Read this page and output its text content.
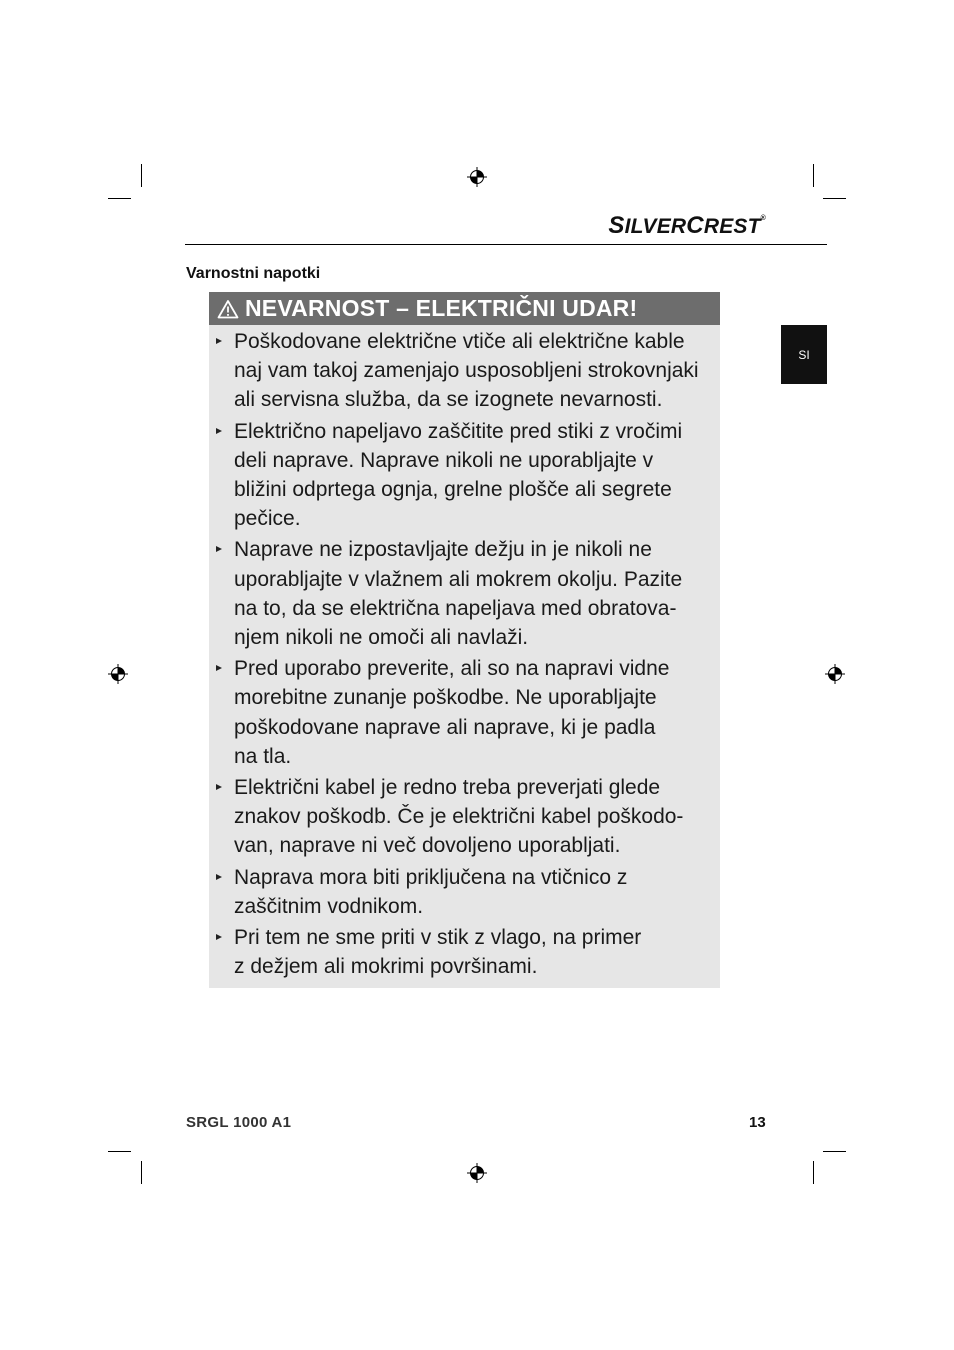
SILVERCREST®
SI
Varnostni napotki
NEVARNOST – ELEKTRIČNI UDAR!
Poškodovane električne vtiče ali električne kable
naj vam takoj zamenjajo usposobljeni strokovnjaki
ali servisna služba, da se izognete nevarnosti.
Električno napeljavo zaščitite pred stiki z vročimi
deli naprave. Naprave nikoli ne uporabljajte v
bližini odprtega ognja, grelne plošče ali segrete
pečice.
Naprave ne izpostavljajte dežju in je nikoli ne
uporabljajte v vlažnem ali mokrem okolju. Pazite
na to, da se električna napeljava med obratova-
njem nikoli ne omoči ali navlaži.
Pred uporabo preverite, ali so na napravi vidne
morebitne zunanje poškodbe. Ne uporabljajte
poškodovane naprave ali naprave, ki je padla
na tla.
Električni kabel je redno treba preverjati glede
znakov poškodb. Če je električni kabel poškodo-
van, naprave ni več dovoljeno uporabljati.
Naprava mora biti priključena na vtičnico z
zaščitnim vodnikom.
Pri tem ne sme priti v stik z vlago, na primer
z dežjem ali mokrimi površinami.
SRGL 1000 A1	13
